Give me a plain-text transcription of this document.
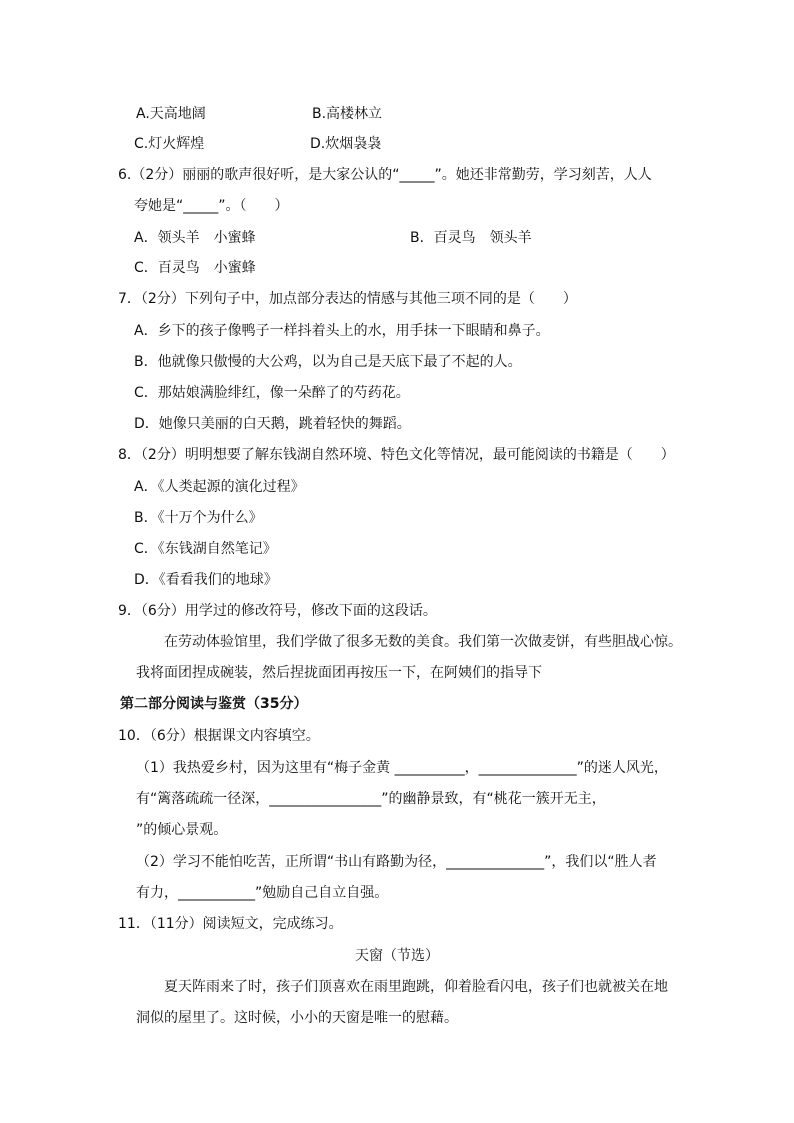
A.天高地阔	B.高楼林立
C.灯火辉煌	D.炊烟袅袅
6.（2分）丽丽的歌声很好听，是大家公认的“_____”。她还非常勤劳，学习刻苦，人人
夸她是“_____”。（　　）
A．领头羊　小蜜蜂	B．百灵鸟　领头羊
C．百灵鸟　小蜜蜂
7．（2分）下列句子中，加点部分表达的情感与其他三项不同的是（　　）
A．乡下的孩子像鸭子一样抖着头上的水，用手抹一下眼睛和鼻子。
B．他就像只傲慢的大公鸡，以为自己是天底下最了不起的人。
C．那姑娘满脸绯红，像一朵醉了的芍药花。
D．她像只美丽的白天鹅，跳着轻快的舞蹈。
8．（2分）明明想要了解东钱湖自然环境、特色文化等情况，最可能阅读的书籍是（　　）
A．《人类起源的演化过程》
B．《十万个为什么》
C．《东钱湖自然笔记》
D．《看看我们的地球》
9．（6分）用学过的修改符号，修改下面的这段话。
在劳动体验馆里，我们学做了很多无数的美食。我们第一次做麦饼，有些胆战心惊。
我将面团捏成碗装，然后捏拢面团再按压一下，在阿姨们的指导下
第二部分阅读与鉴赏（35分）
10．（6分）根据课文内容填空。
（1）我热爱乡村，因为这里有“梅子金黄 __________，______________”的迷人风光，
有“篱落疏疏一径深，________________”的幽静景致，有“桃花一簇开无主，
”的倾心景观。
（2）学习不能怕吃苦，正所谓“书山有路勤为径，______________”，我们以“胜人者
有力，___________”勉励自己自立自强。
11．（11分）阅读短文，完成练习。
天窗（节选）
夏天阵雨来了时，孩子们顶喜欢在雨里跑跳，仰着脸看闪电，孩子们也就被关在地
洞似的屋里了。这时候，小小的天窗是唯一的慰藉。
